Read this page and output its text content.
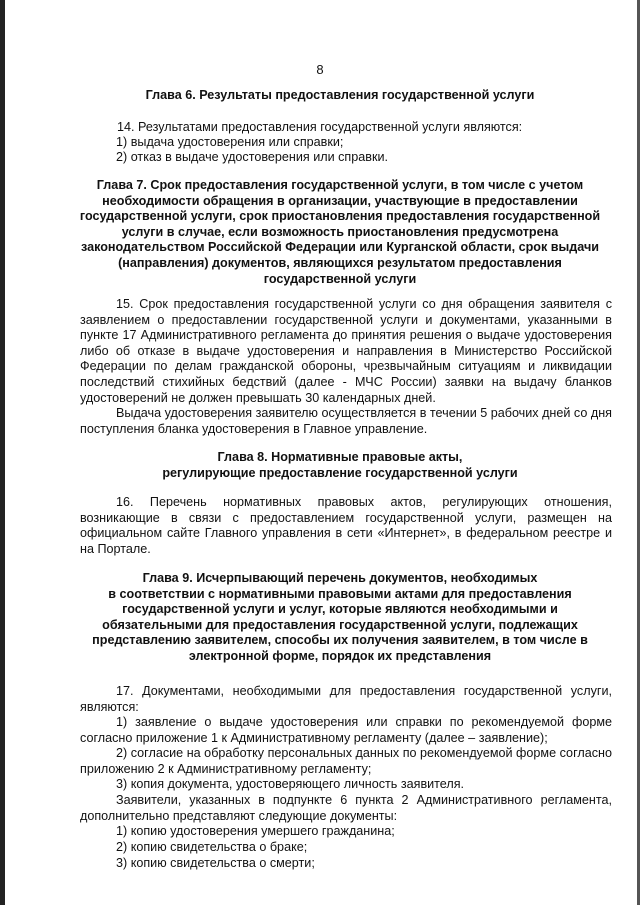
8
Глава 6. Результаты предоставления государственной услуги
14. Результатами предоставления государственной услуги являются:
1) выдача удостоверения или справки;
2) отказ в выдаче удостоверения или справки.
Глава 7. Срок предоставления государственной услуги, в том числе с учетом
необходимости обращения в организации, участвующие в предоставлении
государственной услуги, срок приостановления предоставления государственной
услуги в случае, если возможность приостановления предусмотрена
законодательством Российской Федерации или Курганской области, срок выдачи
(направления) документов, являющихся результатом предоставления
государственной услуги
15. Срок предоставления государственной услуги со дня обращения заявителя с заявлением о предоставлении государственной услуги и документами, указанными в пункте 17 Административного регламента до принятия решения о выдаче удостоверения либо об отказе в выдаче удостоверения и направления в Министерство Российской Федерации по делам гражданской обороны, чрезвычайным ситуациям и ликвидации последствий стихийных бедствий (далее - МЧС России) заявки на выдачу бланков удостоверений не должен превышать 30 календарных дней.
Выдача удостоверения заявителю осуществляется в течении 5 рабочих дней со дня поступления бланка удостоверения в Главное управление.
Глава 8. Нормативные правовые акты,
регулирующие предоставление государственной услуги
16. Перечень нормативных правовых актов, регулирующих отношения, возникающие в связи с предоставлением государственной услуги, размещен на официальном сайте Главного управления в сети «Интернет», в федеральном реестре и на Портале.
Глава 9. Исчерпывающий перечень документов, необходимых
в соответствии с нормативными правовыми актами для предоставления
государственной услуги и услуг, которые являются необходимыми и
обязательными для предоставления государственной услуги, подлежащих
представлению заявителем, способы их получения заявителем, в том числе в
электронной форме, порядок их представления
17. Документами, необходимыми для предоставления государственной услуги, являются:
1) заявление о выдаче удостоверения или справки по рекомендуемой форме согласно приложение 1 к Административному регламенту (далее – заявление);
2) согласие на обработку персональных данных по рекомендуемой форме согласно приложению 2 к Административному регламенту;
3) копия документа, удостоверяющего личность заявителя.
Заявители, указанных в подпункте 6 пункта 2 Административного регламента, дополнительно представляют следующие документы:
1) копию удостоверения умершего гражданина;
2) копию свидетельства о браке;
3) копию свидетельства о смерти;
